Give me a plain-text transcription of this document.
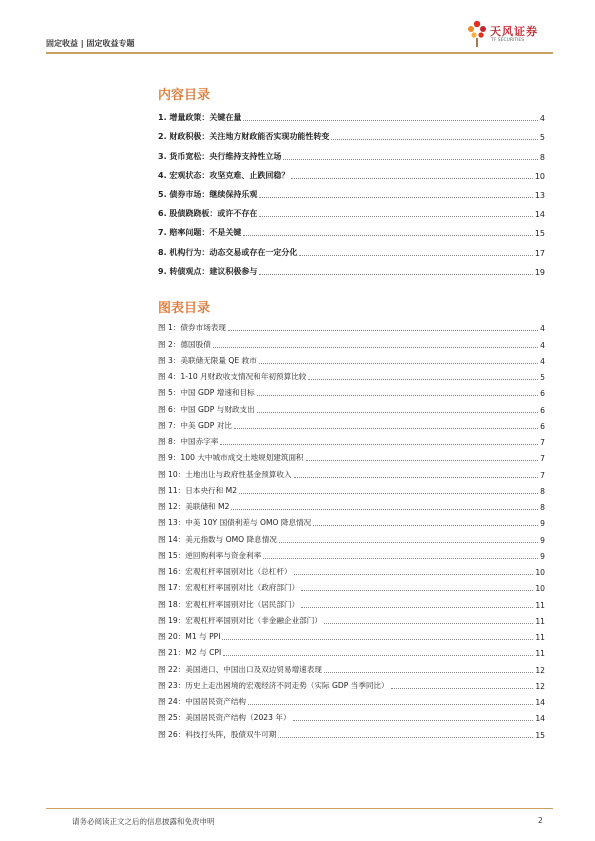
固定收益 | 固定收益专题
天风证券
TF SECURITIES
内容目录
1. 增量政策：关键在量	4
2. 财政积极：关注地方财政能否实现功能性转变	5
3. 货币宽松：央行维持支持性立场	8
4. 宏观状态：攻坚克难、止跌回稳？	10
5. 债券市场：继续保持乐观	13
6. 股债跷跷板：或许不存在	14
7. 赔率问题：不是关键	15
8. 机构行为：动态交易或存在一定分化	17
9. 转债观点：建议积极参与	19
图表目录
图 1：债券市场表现	4
图 2：德国股债	4
图 3：美联储无限量 QE 救市	4
图 4：1-10 月财政收支情况和年初预算比较	5
图 5：中国 GDP 增速和目标	6
图 6：中国 GDP 与财政支出	6
图 7：中美 GDP 对比	6
图 8：中国赤字率	7
图 9：100 大中城市成交土地规划建筑面积	7
图 10：土地出让与政府性基金预算收入	7
图 11：日本央行和 M2	8
图 12：美联储和 M2	8
图 13：中美 10Y 国债利差与 OMO 降息情况	9
图 14：美元指数与 OMO 降息情况	9
图 15：逆回购利率与资金利率	9
图 16：宏观杠杆率国别对比（总杠杆）	10
图 17：宏观杠杆率国别对比（政府部门）	10
图 18：宏观杠杆率国别对比（居民部门）	11
图 19：宏观杠杆率国别对比（非金融企业部门）	11
图 20：M1 与 PPI	11
图 21：M2 与 CPI	11
图 22：美国进口、中国出口及双边贸易增速表现	12
图 23：历史上走出困境的宏观经济不同走势（实际 GDP 当季同比）	12
图 24：中国居民资产结构	14
图 25：美国居民资产结构（2023 年）	14
图 26：科技打头阵，股债双牛可期	15
请务必阅读正文之后的信息披露和免责申明	2
